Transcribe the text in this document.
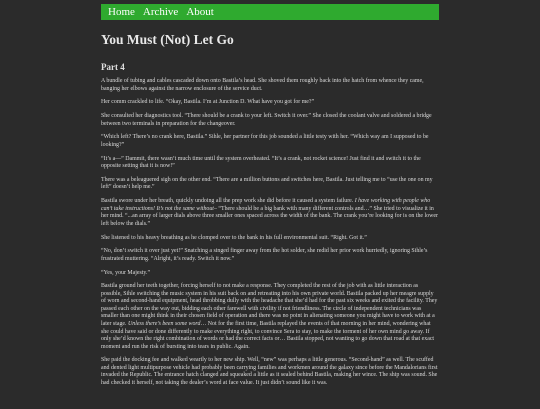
Home Archive About
You Must (Not) Let Go
Part 4

A bundle of tubing and cables cascaded down onto Bastila’s head. She shoved them roughly back into the hatch from whence they came, banging her elbows against the narrow enclosure of the service duct.

Her comm crackled to life. “Okay, Bastila. I’m at Junction D. What have you got for me?”

She consulted her diagnostics tool. “There should be a crank to your left. Switch it over.” She closed the coolant valve and soldered a bridge between two terminals in preparation for the changeover.

“Which left? There’s no crank here, Bastila.” Sihle, her partner for this job sounded a little testy with her. “Which way am I supposed to be looking?”

“It’s a—” Dammit, there wasn’t much time until the system overheated. “It’s a crank, not rocket science! Just find it and switch it to the opposite setting that it is now!”

There was a beleaguered sigh on the other end. “There are a million buttons and switches here, Bastila. Just telling me to “use the one on my left” doesn’t help me.”

Bastila swore under her breath, quickly undoing all the prep work she did before it caused a system failure. I have working with people who can’t take instructions! It’s not the same without– “There should be a big bank with many different controls and…” She tried to visualize it in her mind. “...an array of larger dials above three smaller ones spaced across the width of the bank. The crank you’re looking for is on the lower left below the dials.”

She listened to his heavy breathing as he clomped over to the bank in his full environmental suit. “Right. Got it.”

“No, don’t switch it over just yet!” Snatching a singed finger away from the hot solder, she redid her prior work hurriedly, ignoring Sihle’s frustrated muttering. “Alright, it’s ready. Switch it now.”

“Yes, your Majesty.”

Bastila ground her teeth together, forcing herself to not make a response. They completed the rest of the job with as little interaction as possible, Sihle switching the music system in his suit back on and retreating into his own private world. Bastila packed up her meagre supply of worn and second-hand equipment, head throbbing dully with the headache that she’d had for the past six weeks and exited the facility. They passed each other on the way out, bidding each other farewell with civility if not friendliness. The circle of independent technicians was smaller than one might think in their chosen field of operation and there was no point in alienating someone you might have to work with at a later stage. Unless there’s been some word… Not for the first time, Bastila replayed the events of that morning in her mind, wondering what she could have said or done differently to make everything right, to convince Sera to stay, to make the torment of her own mind go away. If only she’d known the right combination of words or had the correct facts or… Bastila stopped, not wanting to go down that road at that exact moment and run the risk of bursting into tears in public. Again.

She paid the docking fee and walked wearily to her new ship. Well, “new” was perhaps a little generous. “Second-hand” as well. The scuffed and dented light multipurpose vehicle had probably been carrying families and workmen around the galaxy since before the Mandalorians first invaded the Republic. The entrance hatch clanged and squeaked a little as it sealed behind Bastila, making her wince. The ship was sound. She had checked it herself, not taking the dealer’s word at face value. It just didn’t sound like it was.
